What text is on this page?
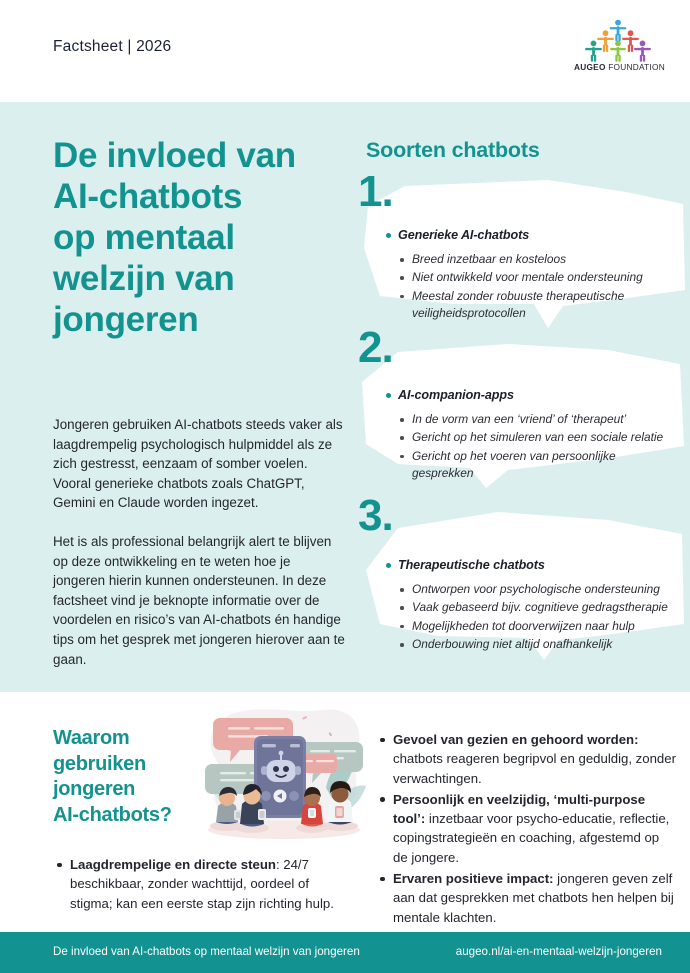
Factsheet | 2026
AUGEO FOUNDATION
De invloed van
AI-chatbots
op mentaal
welzijn van
jongeren

Jongeren gebruiken AI-chatbots steeds vaker als laagdrempelig psychologisch hulpmiddel als ze zich gestresst, eenzaam of somber voelen. Vooral generieke chatbots zoals ChatGPT, Gemini en Claude worden ingezet.

Het is als professional belangrijk alert te blijven op deze ontwikkeling en te weten hoe je jongeren hierin kunnen ondersteunen. In deze factsheet vind je beknopte informatie over de voordelen en risico’s van AI-chatbots én handige tips om het gesprek met jongeren hierover aan te gaan.

Soorten chatbots
1.
Generieke AI-chatbots
Breed inzetbaar en kosteloos
Niet ontwikkeld voor mentale ondersteuning
Meestal zonder robuuste therapeutische veiligheidsprotocollen
2.
AI-companion-apps
In de vorm van een ‘vriend’ of ‘therapeut’
Gericht op het simuleren van een sociale relatie
Gericht op het voeren van persoonlijke gesprekken
3.
Therapeutische chatbots
Ontworpen voor psychologische ondersteuning
Vaak gebaseerd bijv. cognitieve gedragstherapie
Mogelijkheden tot doorverwijzen naar hulp
Onderbouwing niet altijd onafhankelijk
Waarom
gebruiken
jongeren
AI-chatbots?
Laagdrempelige en directe steun: 24/7 beschikbaar, zonder wachttijd, oordeel of stigma; kan een eerste stap zijn richting hulp.
Gevoel van gezien en gehoord worden: chatbots reageren begripvol en geduldig, zonder verwachtingen.
Persoonlijk en veelzijdig, ‘multi-purpose tool’: inzetbaar voor psycho-educatie, reflectie, copingstrategieën en coaching, afgestemd op de jongere.
Ervaren positieve impact: jongeren geven zelf aan dat gesprekken met chatbots hen helpen bij mentale klachten.
De invloed van AI-chatbots op mentaal welzijn van jongeren	augeo.nl/ai-en-mentaal-welzijn-jongeren
